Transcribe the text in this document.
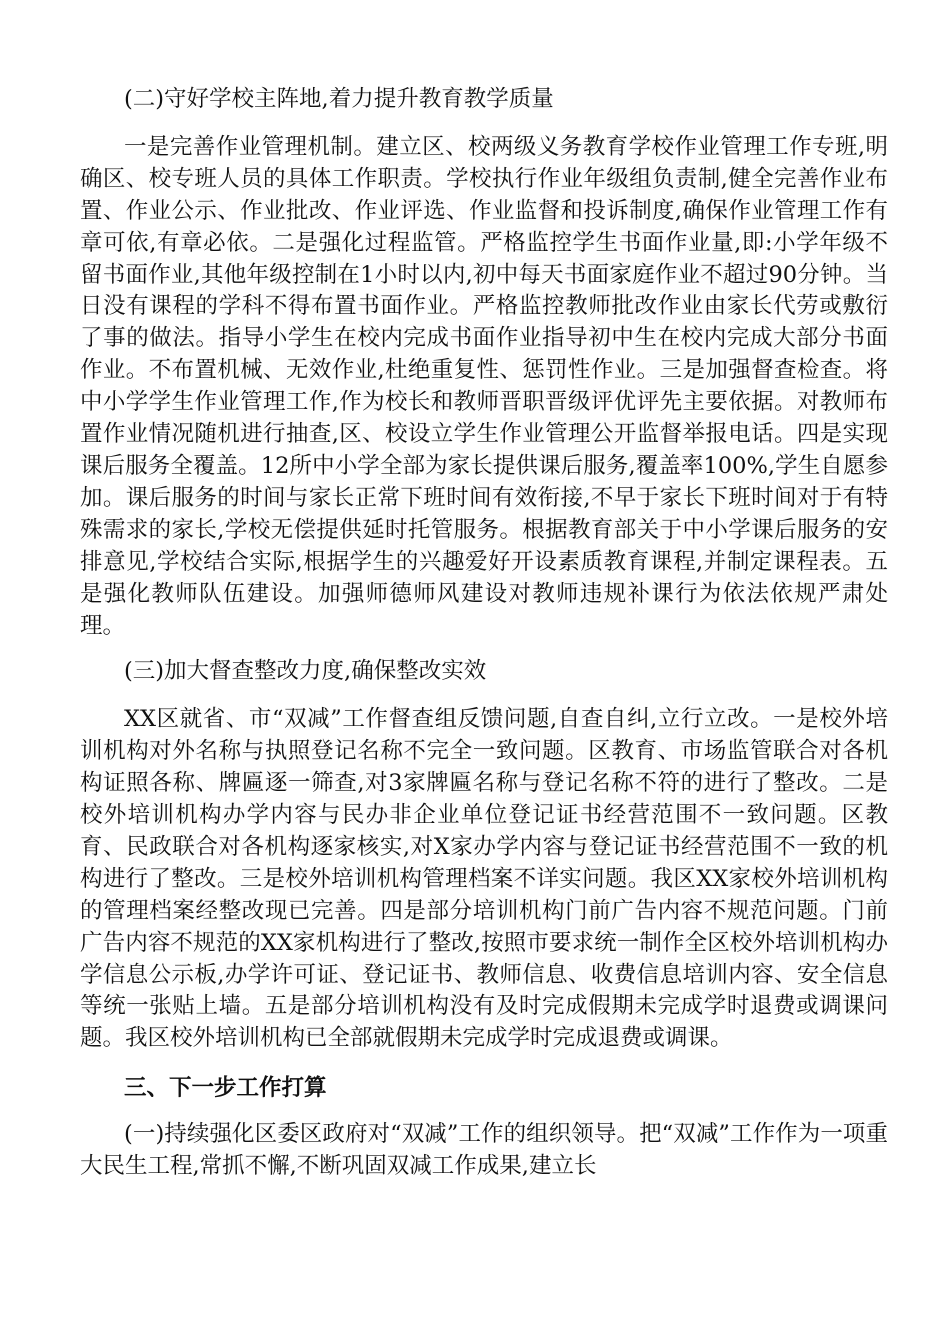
(二)守好学校主阵地,着力提升教育教学质量
一是完善作业管理机制。建立区、校两级义务教育学校作业管理工作专班,明确区、校专班人员的具体工作职责。学校执行作业年级组负责制,健全完善作业布置、作业公示、作业批改、作业评选、作业监督和投诉制度,确保作业管理工作有章可依,有章必依。二是强化过程监管。严格监控学生书面作业量,即:小学年级不留书面作业,其他年级控制在1小时以内,初中每天书面家庭作业不超过90分钟。当日没有课程的学科不得布置书面作业。严格监控教师批改作业由家长代劳或敷衍了事的做法。指导小学生在校内完成书面作业指导初中生在校内完成大部分书面作业。不布置机械、无效作业,杜绝重复性、惩罚性作业。三是加强督查检查。将中小学学生作业管理工作,作为校长和教师晋职晋级评优评先主要依据。对教师布置作业情况随机进行抽查,区、校设立学生作业管理公开监督举报电话。四是实现课后服务全覆盖。12所中小学全部为家长提供课后服务,覆盖率100%,学生自愿参加。课后服务的时间与家长正常下班时间有效衔接,不早于家长下班时间对于有特殊需求的家长,学校无偿提供延时托管服务。根据教育部关于中小学课后服务的安排意见,学校结合实际,根据学生的兴趣爱好开设素质教育课程,并制定课程表。五是强化教师队伍建设。加强师德师风建设对教师违规补课行为依法依规严肃处理。
(三)加大督查整改力度,确保整改实效
XX区就省、市“双减”工作督查组反馈问题,自查自纠,立行立改。一是校外培训机构对外名称与执照登记名称不完全一致问题。区教育、市场监管联合对各机构证照各称、牌匾逐一筛查,对3家牌匾名称与登记名称不符的进行了整改。二是校外培训机构办学内容与民办非企业单位登记证书经营范围不一致问题。区教育、民政联合对各机构逐家核实,对X家办学内容与登记证书经营范围不一致的机构进行了整改。三是校外培训机构管理档案不详实问题。我区XX家校外培训机构的管理档案经整改现已完善。四是部分培训机构门前广告内容不规范问题。门前广告内容不规范的XX家机构进行了整改,按照市要求统一制作全区校外培训机构办学信息公示板,办学许可证、登记证书、教师信息、收费信息培训内容、安全信息等统一张贴上墙。五是部分培训机构没有及时完成假期未完成学时退费或调课问题。我区校外培训机构已全部就假期未完成学时完成退费或调课。
三、下一步工作打算
(一)持续强化区委区政府对“双减”工作的组织领导。把“双减”工作作为一项重大民生工程,常抓不懈,不断巩固双减工作成果,建立长
